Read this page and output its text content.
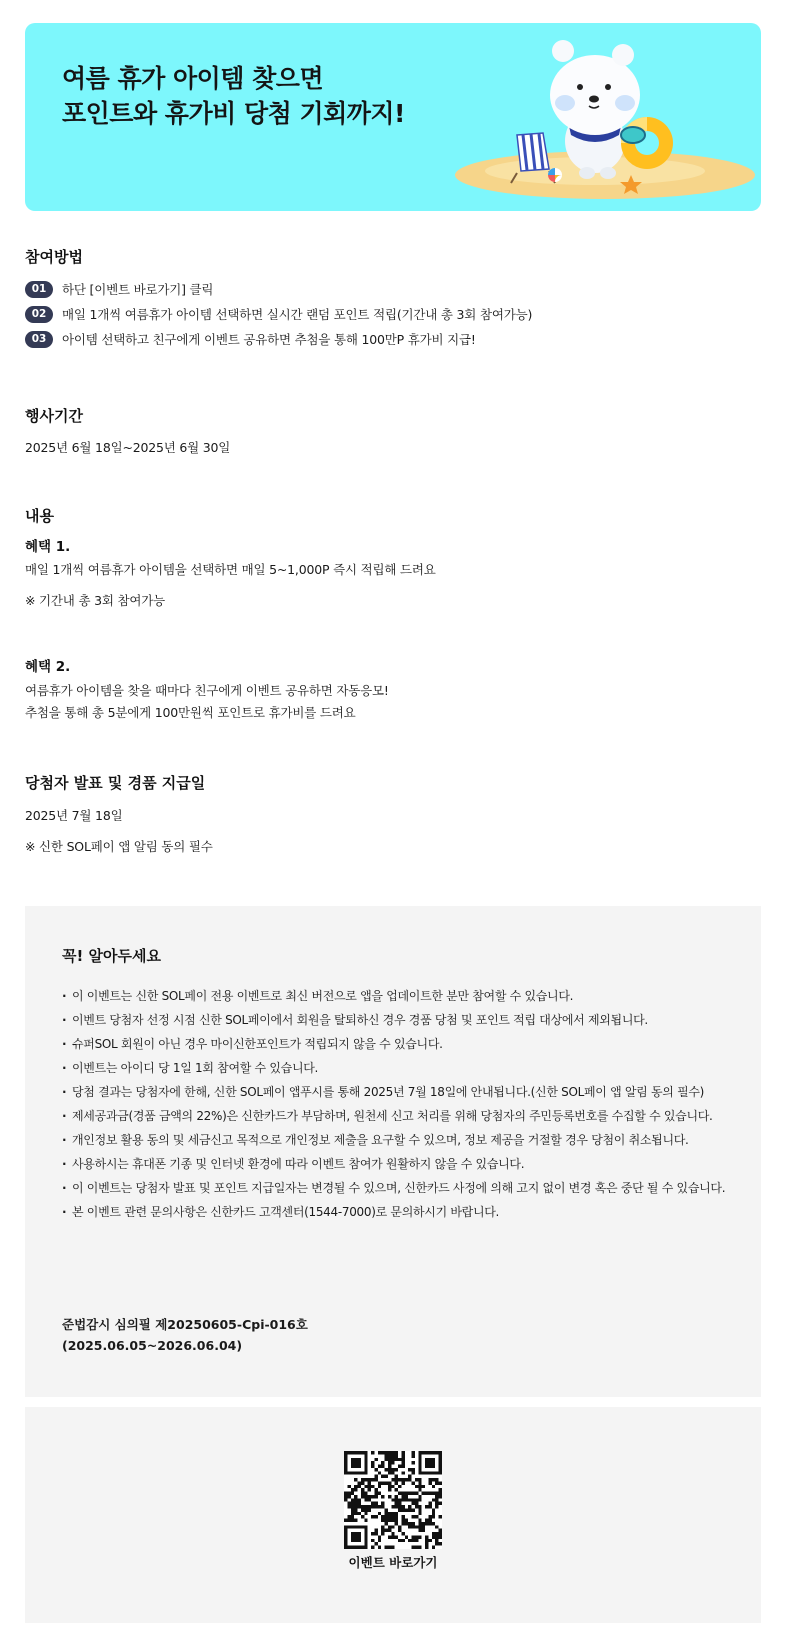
여름 휴가 아이템 찾으면
포인트와 휴가비 당첨 기회까지!
참여방법
01	하단 [이벤트 바로가기] 클릭
02	매일 1개씩 여름휴가 아이템 선택하면 실시간 랜덤 포인트 적립(기간내 총 3회 참여가능)
03	아이템 선택하고 친구에게 이벤트 공유하면 추첨을 통해 100만P 휴가비 지급!
행사기간

2025년 6월 18일~2025년 6월 30일

내용
혜택 1.

매일 1개씩 여름휴가 아이템을 선택하면 매일 5~1,000P 즉시 적립해 드려요

※ 기간내 총 3회 참여가능

혜택 2.

여름휴가 아이템을 찾을 때마다 친구에게 이벤트 공유하면 자동응모!

추첨을 통해 총 5분에게 100만원씩 포인트로 휴가비를 드려요

당첨자 발표 및 경품 지급일

2025년 7월 18일

※ 신한 SOL페이 앱 알림 동의 필수

꼭! 알아두세요
· 이 이벤트는 신한 SOL페이 전용 이벤트로 최신 버전으로 앱을 업데이트한 분만 참여할 수 있습니다.
· 이벤트 당첨자 선정 시점 신한 SOL페이에서 회원을 탈퇴하신 경우 경품 당첨 및 포인트 적립 대상에서 제외됩니다.
· 슈퍼SOL 회원이 아닌 경우 마이신한포인트가 적립되지 않을 수 있습니다.
· 이벤트는 아이디 당 1일 1회 참여할 수 있습니다.
· 당첨 결과는 당첨자에 한해, 신한 SOL페이 앱푸시를 통해 2025년 7월 18일에 안내됩니다.(신한 SOL페이 앱 알림 동의 필수)
· 제세공과금(경품 금액의 22%)은 신한카드가 부담하며, 원천세 신고 처리를 위해 당첨자의 주민등록번호를 수집할 수 있습니다.
· 개인정보 활용 동의 및 세금신고 목적으로 개인정보 제출을 요구할 수 있으며, 정보 제공을 거절할 경우 당첨이 취소됩니다.
· 사용하시는 휴대폰 기종 및 인터넷 환경에 따라 이벤트 참여가 원활하지 않을 수 있습니다.
· 이 이벤트는 당첨자 발표 및 포인트 지급일자는 변경될 수 있으며, 신한카드 사정에 의해 고지 없이 변경 혹은 중단 될 수 있습니다.
· 본 이벤트 관련 문의사항은 신한카드 고객센터(1544-7000)로 문의하시기 바랍니다.

준법감시 심의필 제20250605-Cpi-016호
(2025.06.05~2026.06.04)

이벤트 바로가기
